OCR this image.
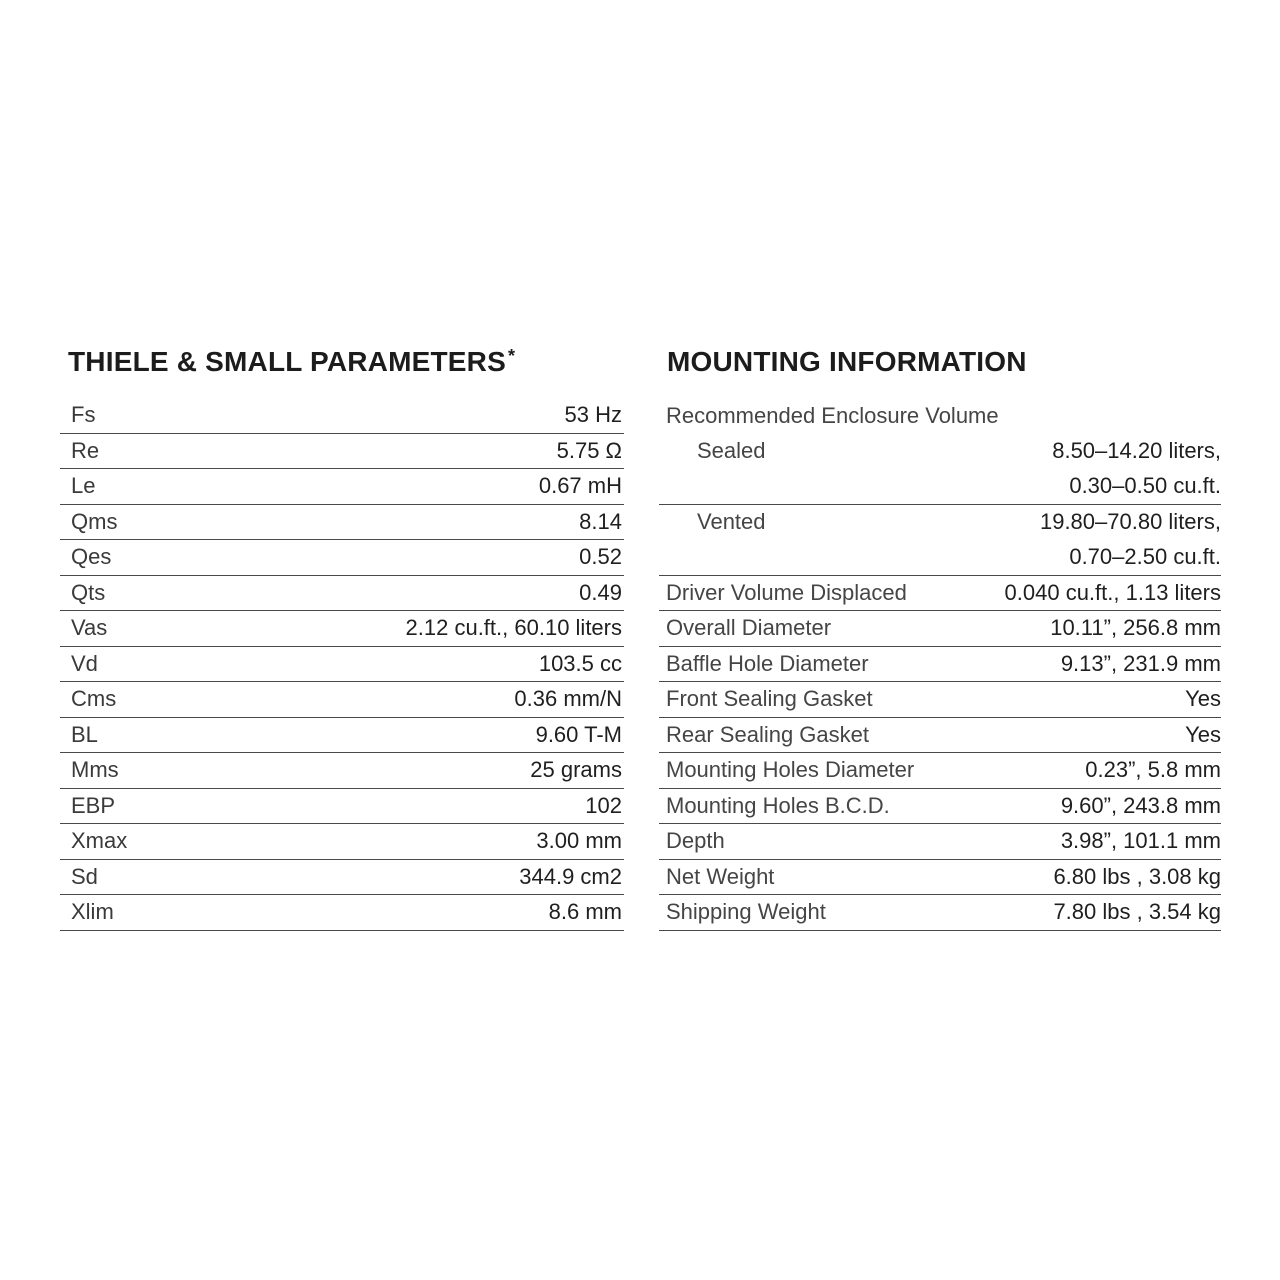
THIELE & SMALL PARAMETERS *
Fs	53 Hz
Re	5.75 Ω
Le	0.67 mH
Qms	8.14
Qes	0.52
Qts	0.49
Vas	2.12 cu.ft., 60.10 liters
Vd	103.5 cc
Cms	0.36 mm/N
BL	9.60 T-M
Mms	25 grams
EBP	102
Xmax	3.00 mm
Sd	344.9 cm2
Xlim	8.6 mm
MOUNTING INFORMATION
Recommended Enclosure Volume
Sealed	8.50–14.20 liters,
0.30–0.50 cu.ft.
Vented	19.80–70.80 liters,
0.70–2.50 cu.ft.
Driver Volume Displaced	0.040 cu.ft., 1.13 liters
Overall Diameter	10.11”, 256.8 mm
Baffle Hole Diameter	9.13”, 231.9 mm
Front Sealing Gasket	Yes
Rear Sealing Gasket	Yes
Mounting Holes Diameter	0.23”, 5.8 mm
Mounting Holes B.C.D.	9.60”, 243.8 mm
Depth	3.98”, 101.1 mm
Net Weight	6.80 lbs , 3.08 kg
Shipping Weight	7.80 lbs , 3.54 kg
